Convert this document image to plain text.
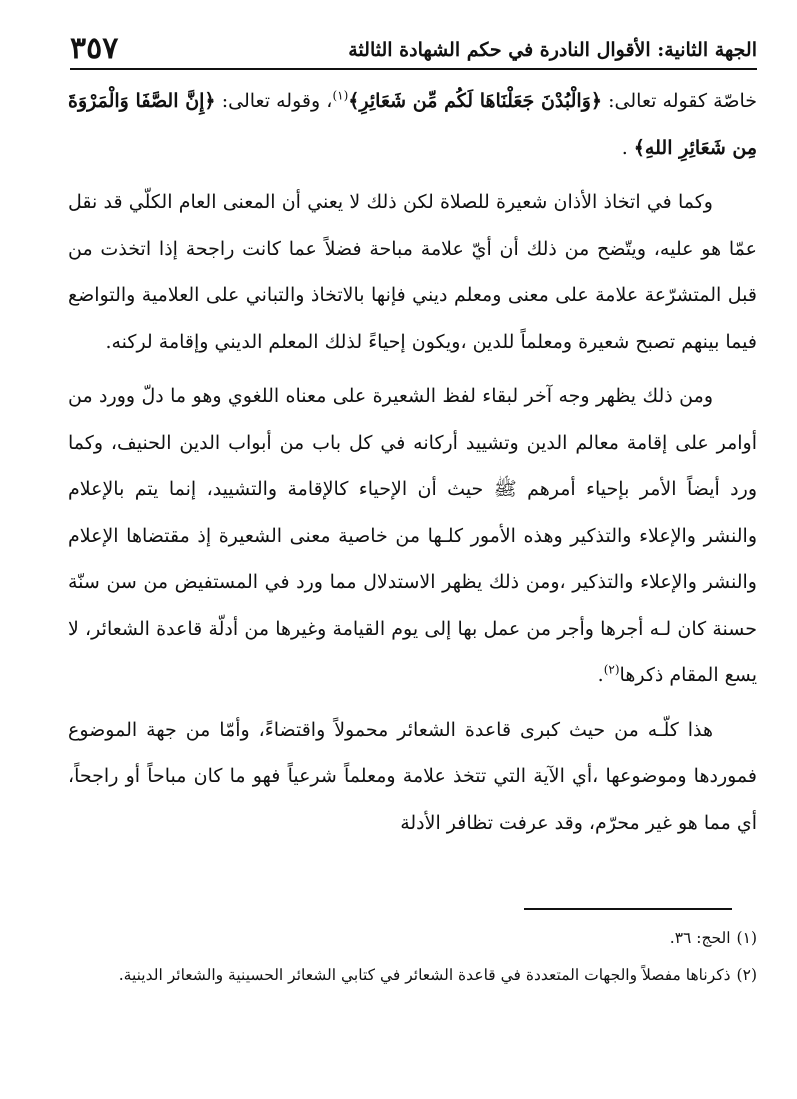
الجهة الثانية: الأقوال النادرة في حكم الشهادة الثالثة
٣٥٧

خاصّة كقوله تعالى: ﴿وَالْبُدْنَ جَعَلْنَاهَا لَكُم مِّن شَعَائِرِ﴾$^{(١)}$، وقوله تعالى: ﴿إِنَّ الصَّفَا وَالْمَرْوَةَ مِن شَعَائِرِ اللهِ﴾ .

وكما في اتخاذ الأذان شعيرة للصلاة لكن ذلك لا يعني أن المعنى العام الكلّي قد نقل عمّا هو عليه، ويتّضح من ذلك أن أيّ علامة مباحة فضلاً عما كانت راجحة إذا اتخذت من قبل المتشرّعة علامة على معنى ومعلم ديني فإنها بالاتخاذ والتباني على العلامية والتواضع فيما بينهم تصبح شعيرة ومعلماً للدين ،ويكون إحياءً لذلك المعلم الديني وإقامة لركنه.

ومن ذلك يظهر وجه آخر لبقاء لفظ الشعيرة على معناه اللغوي وهو ما دلّ وورد من أوامر على إقامة معالم الدين وتشييد أركانه في كل باب من أبواب الدين الحنيف، وكما ورد أيضاً الأمر بإحياء أمرهم ﷺ حيث أن الإحياء كالإقامة والتشييد، إنما يتم بالإعلام والنشر والإعلاء والتذكير وهذه الأمور كلـها من خاصية معنى الشعيرة إذ مقتضاها الإعلام والنشر والإعلاء والتذكير ،ومن ذلك يظهر الاستدلال مما ورد في المستفيض من سن سنّة حسنة كان لـه أجرها وأجر من عمل بها إلى يوم القيامة وغيرها من أدلّة قاعدة الشعائر، لا يسع المقام ذكرها$^{(٢)}$.

هذا كلّـه من حيث كبرى قاعدة الشعائر محمولاً واقتضاءً، وأمّا من جهة الموضوع فموردها وموضوعها ،أي الآية التي تتخذ علامة ومعلماً شرعياً فهو ما كان مباحاً أو راجحاً، أي مما هو غير محرّم، وقد عرفت تظافر الأدلة

(١)الحج: ٣٦.

(٢)ذكرناها مفصلاً والجهات المتعددة في قاعدة الشعائر في كتابي الشعائر الحسينية والشعائر الدينية.
